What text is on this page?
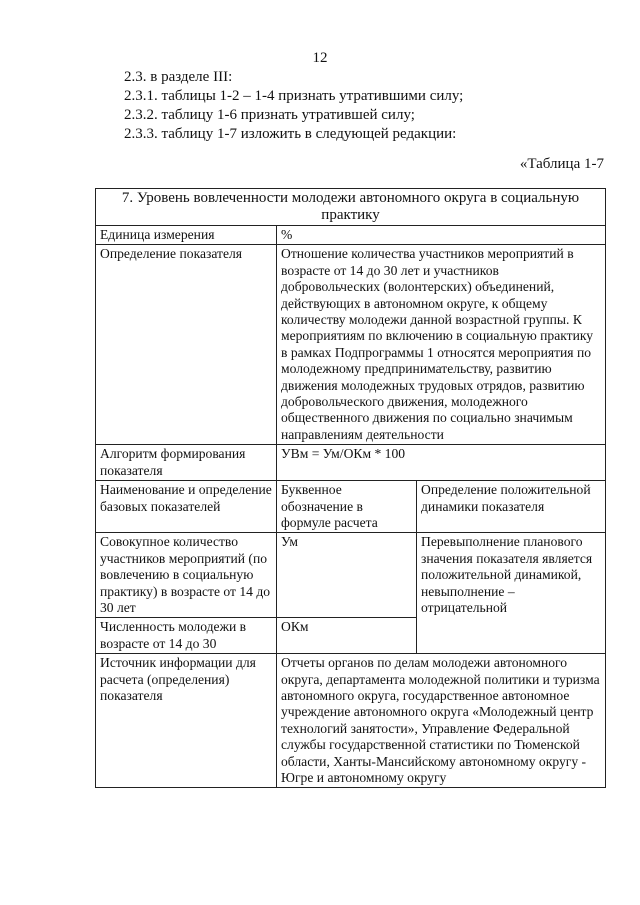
12
2.3. в разделе III:
2.3.1. таблицы 1-2 – 1-4 признать утратившими силу;
2.3.2. таблицу 1-6 признать утратившей силу;
2.3.3. таблицу 1-7 изложить в следующей редакции:
«Таблица 1-7
7. Уровень вовлеченности молодежи автономного округа в социальную практику		
Единица измерения	%	
Определение показателя	Отношение количества участников мероприятий в возрасте от 14 до 30 лет и участников добровольческих (волонтерских) объединений, действующих в автономном округе, к общему количеству молодежи данной возрастной группы. К мероприятиям по включению в социальную практику в рамках Подпрограммы 1 относятся мероприятия по молодежному предпринимательству, развитию движения молодежных трудовых отрядов, развитию добровольческого движения, молодежного общественного движения по социально значимым направлениям деятельности	
Алгоритм формирования показателя	УВм = Ум/ОКм * 100	
Наименование и определение базовых показателей	Буквенное обозначение в формуле расчета	Определение положительной динамики показателя
Совокупное количество участников мероприятий (по вовлечению в социальную практику) в возрасте от 14 до 30 лет	Ум	Перевыполнение планового значения показателя является положительной динамикой, невыполнение – отрицательной
Численность молодежи в возрасте от 14 до 30	ОКм	
Источник информации для расчета (определения) показателя	Отчеты органов по делам молодежи автономного округа, департамента молодежной политики и туризма автономного округа, государственное автономное учреждение автономного округа «Молодежный центр технологий занятости», Управление Федеральной службы государственной статистики по Тюменской области, Ханты-Мансийскому автономному округу - Югре и автономному округу	
